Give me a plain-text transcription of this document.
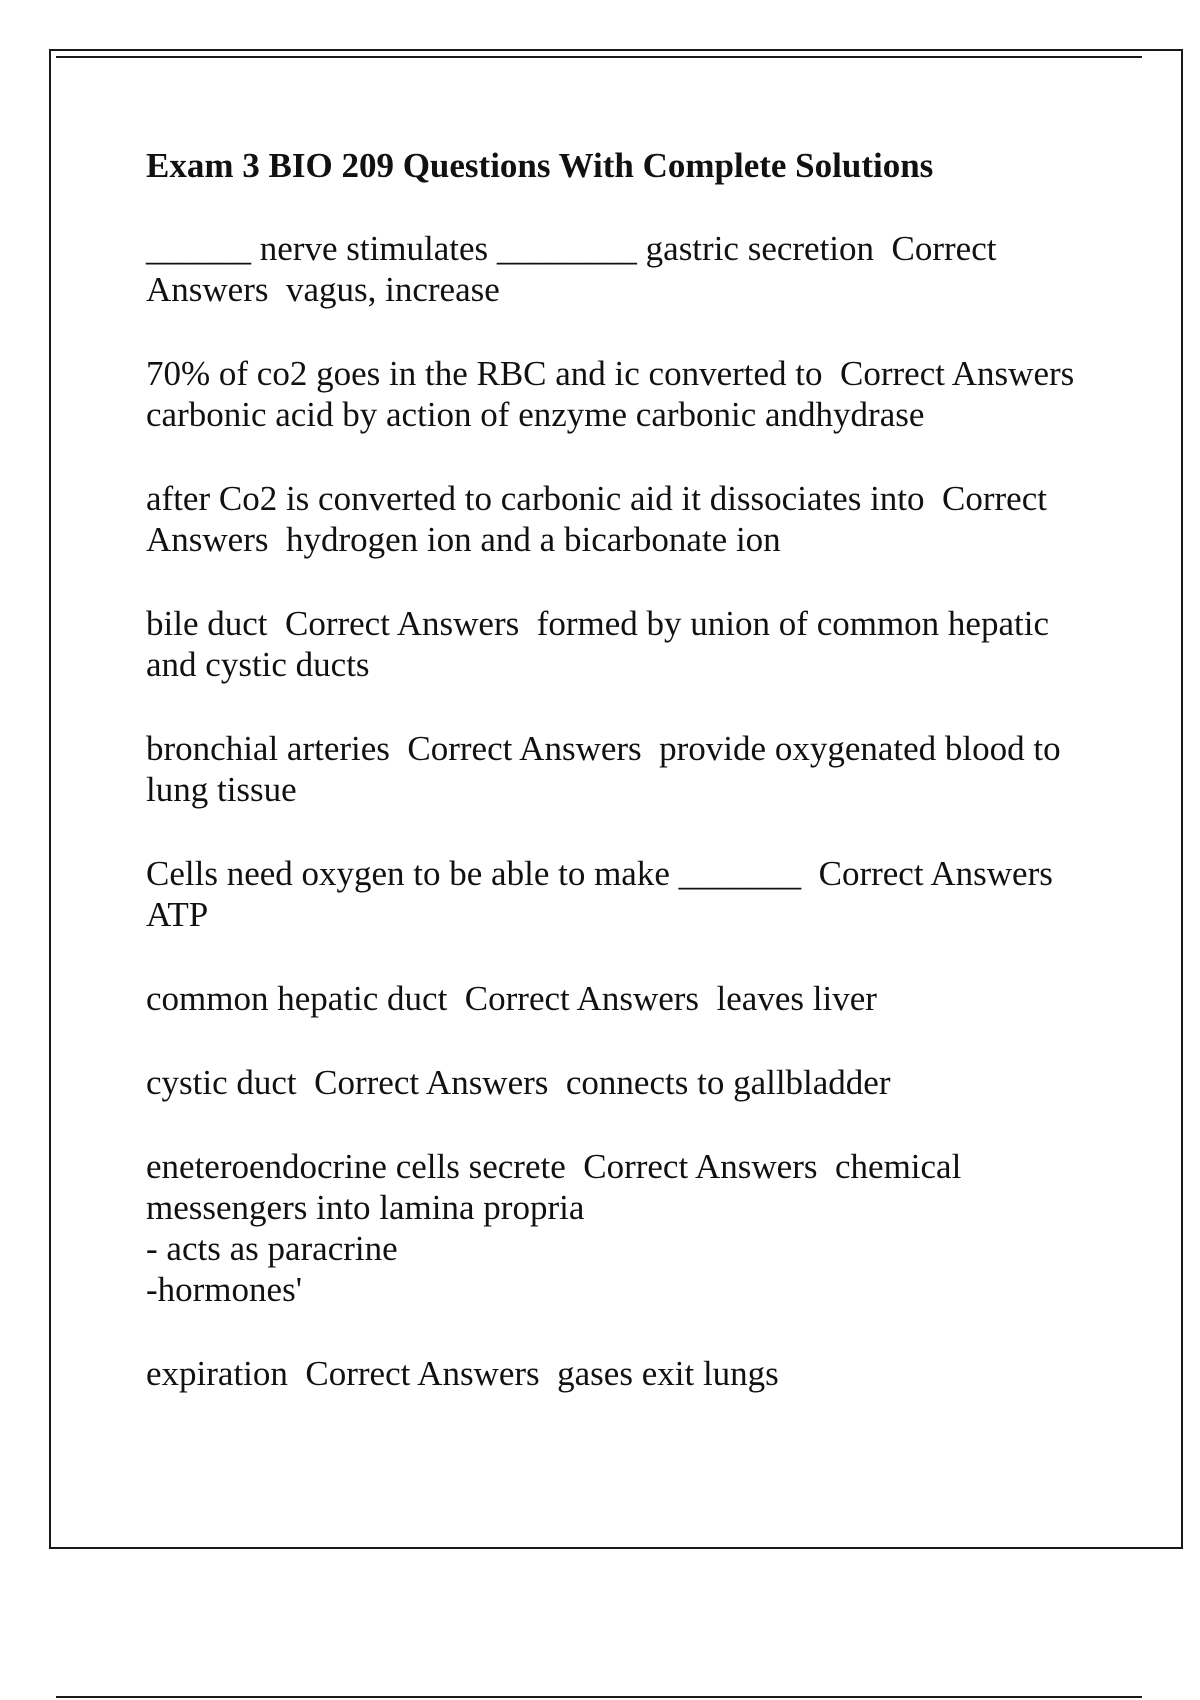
Exam 3 BIO 209 Questions With Complete Solutions
______ nerve stimulates ________ gastric secretion  Correct Answers  vagus, increase
70% of co2 goes in the RBC and ic converted to  Correct Answers  carbonic acid by action of enzyme carbonic andhydrase
after Co2 is converted to carbonic aid it dissociates into  Correct Answers  hydrogen ion and a bicarbonate ion
bile duct  Correct Answers  formed by union of common hepatic and cystic ducts
bronchial arteries  Correct Answers  provide oxygenated blood to lung tissue
Cells need oxygen to be able to make _______  Correct Answers  ATP
common hepatic duct  Correct Answers  leaves liver
cystic duct  Correct Answers  connects to gallbladder
eneteroendocrine cells secrete  Correct Answers  chemical messengers into lamina propria
- acts as paracrine
-hormones'
expiration  Correct Answers  gases exit lungs
